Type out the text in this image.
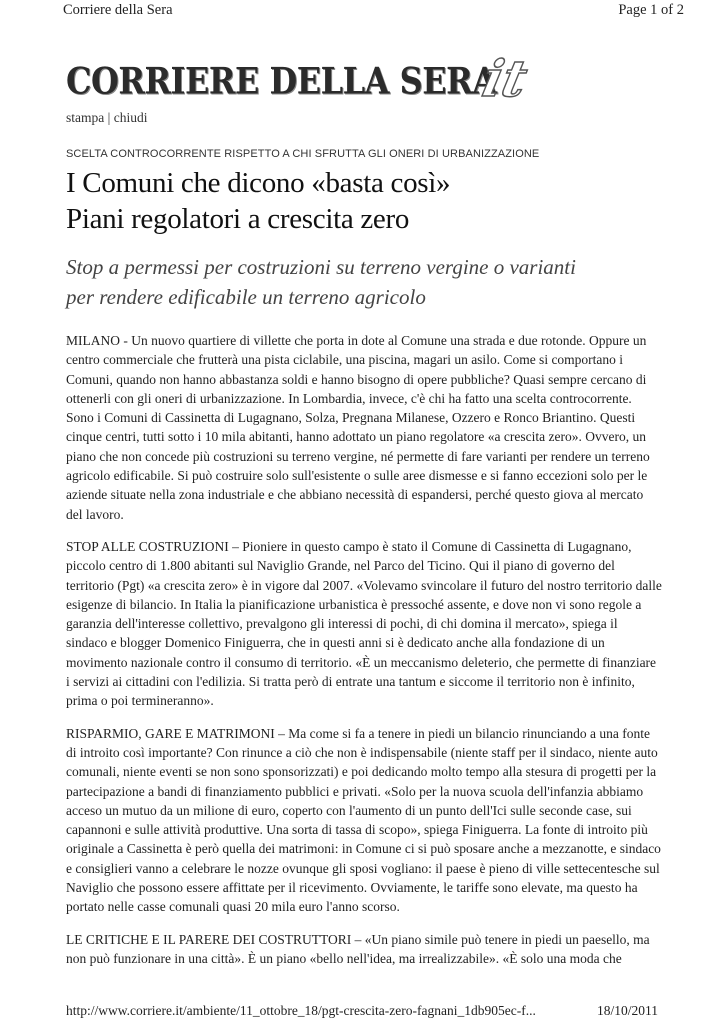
Corriere della Sera	Page 1 of 2
CORRIERE DELLA SERA
it
stampa | chiudi
SCELTA CONTROCORRENTE RISPETTO A CHI SFRUTTA GLI ONERI DI URBANIZZAZIONE
I Comuni che dicono «basta così»
Piani regolatori a crescita zero
Stop a permessi per costruzioni su terreno vergine o varianti
per rendere edificabile un terreno agricolo

MILANO - Un nuovo quartiere di villette che porta in dote al Comune una strada e due rotonde. Oppure un centro commerciale che frutterà una pista ciclabile, una piscina, magari un asilo. Come si comportano i Comuni, quando non hanno abbastanza soldi e hanno bisogno di opere pubbliche? Quasi sempre cercano di ottenerli con gli oneri di urbanizzazione. In Lombardia, invece, c'è chi ha fatto una scelta controcorrente. Sono i Comuni di Cassinetta di Lugagnano, Solza, Pregnana Milanese, Ozzero e Ronco Briantino. Questi cinque centri, tutti sotto i 10 mila abitanti, hanno adottato un piano regolatore «a crescita zero». Ovvero, un piano che non concede più costruzioni su terreno vergine, né permette di fare varianti per rendere un terreno agricolo edificabile. Si può costruire solo sull'esistente o sulle aree dismesse e si fanno eccezioni solo per le aziende situate nella zona industriale e che abbiano necessità di espandersi, perché questo giova al mercato del lavoro.

STOP ALLE COSTRUZIONI – Pioniere in questo campo è stato il Comune di Cassinetta di Lugagnano, piccolo centro di 1.800 abitanti sul Naviglio Grande, nel Parco del Ticino. Qui il piano di governo del territorio (Pgt) «a crescita zero» è in vigore dal 2007. «Volevamo svincolare il futuro del nostro territorio dalle esigenze di bilancio. In Italia la pianificazione urbanistica è pressoché assente, e dove non vi sono regole a garanzia dell'interesse collettivo, prevalgono gli interessi di pochi, di chi domina il mercato», spiega il sindaco e blogger Domenico Finiguerra, che in questi anni si è dedicato anche alla fondazione di un movimento nazionale contro il consumo di territorio. «È un meccanismo deleterio, che permette di finanziare i servizi ai cittadini con l'edilizia. Si tratta però di entrate una tantum e siccome il territorio non è infinito, prima o poi termineranno».

RISPARMIO, GARE E MATRIMONI – Ma come si fa a tenere in piedi un bilancio rinunciando a una fonte di introito così importante? Con rinunce a ciò che non è indispensabile (niente staff per il sindaco, niente auto comunali, niente eventi se non sono sponsorizzati) e poi dedicando molto tempo alla stesura di progetti per la partecipazione a bandi di finanziamento pubblici e privati. «Solo per la nuova scuola dell'infanzia abbiamo acceso un mutuo da un milione di euro, coperto con l'aumento di un punto dell'Ici sulle seconde case, sui capannoni e sulle attività produttive. Una sorta di tassa di scopo», spiega Finiguerra. La fonte di introito più originale a Cassinetta è però quella dei matrimoni: in Comune ci si può sposare anche a mezzanotte, e sindaco e consiglieri vanno a celebrare le nozze ovunque gli sposi vogliano: il paese è pieno di ville settecentesche sul Naviglio che possono essere affittate per il ricevimento. Ovviamente, le tariffe sono elevate, ma questo ha portato nelle casse comunali quasi 20 mila euro l'anno scorso.

LE CRITICHE E IL PARERE DEI COSTRUTTORI – «Un piano simile può tenere in piedi un paesello, ma non può funzionare in una città». È un piano «bello nell'idea, ma irrealizzabile». «È solo una moda che

http://www.corriere.it/ambiente/11_ottobre_18/pgt-crescita-zero-fagnani_1db905ec-f...	18/10/2011
